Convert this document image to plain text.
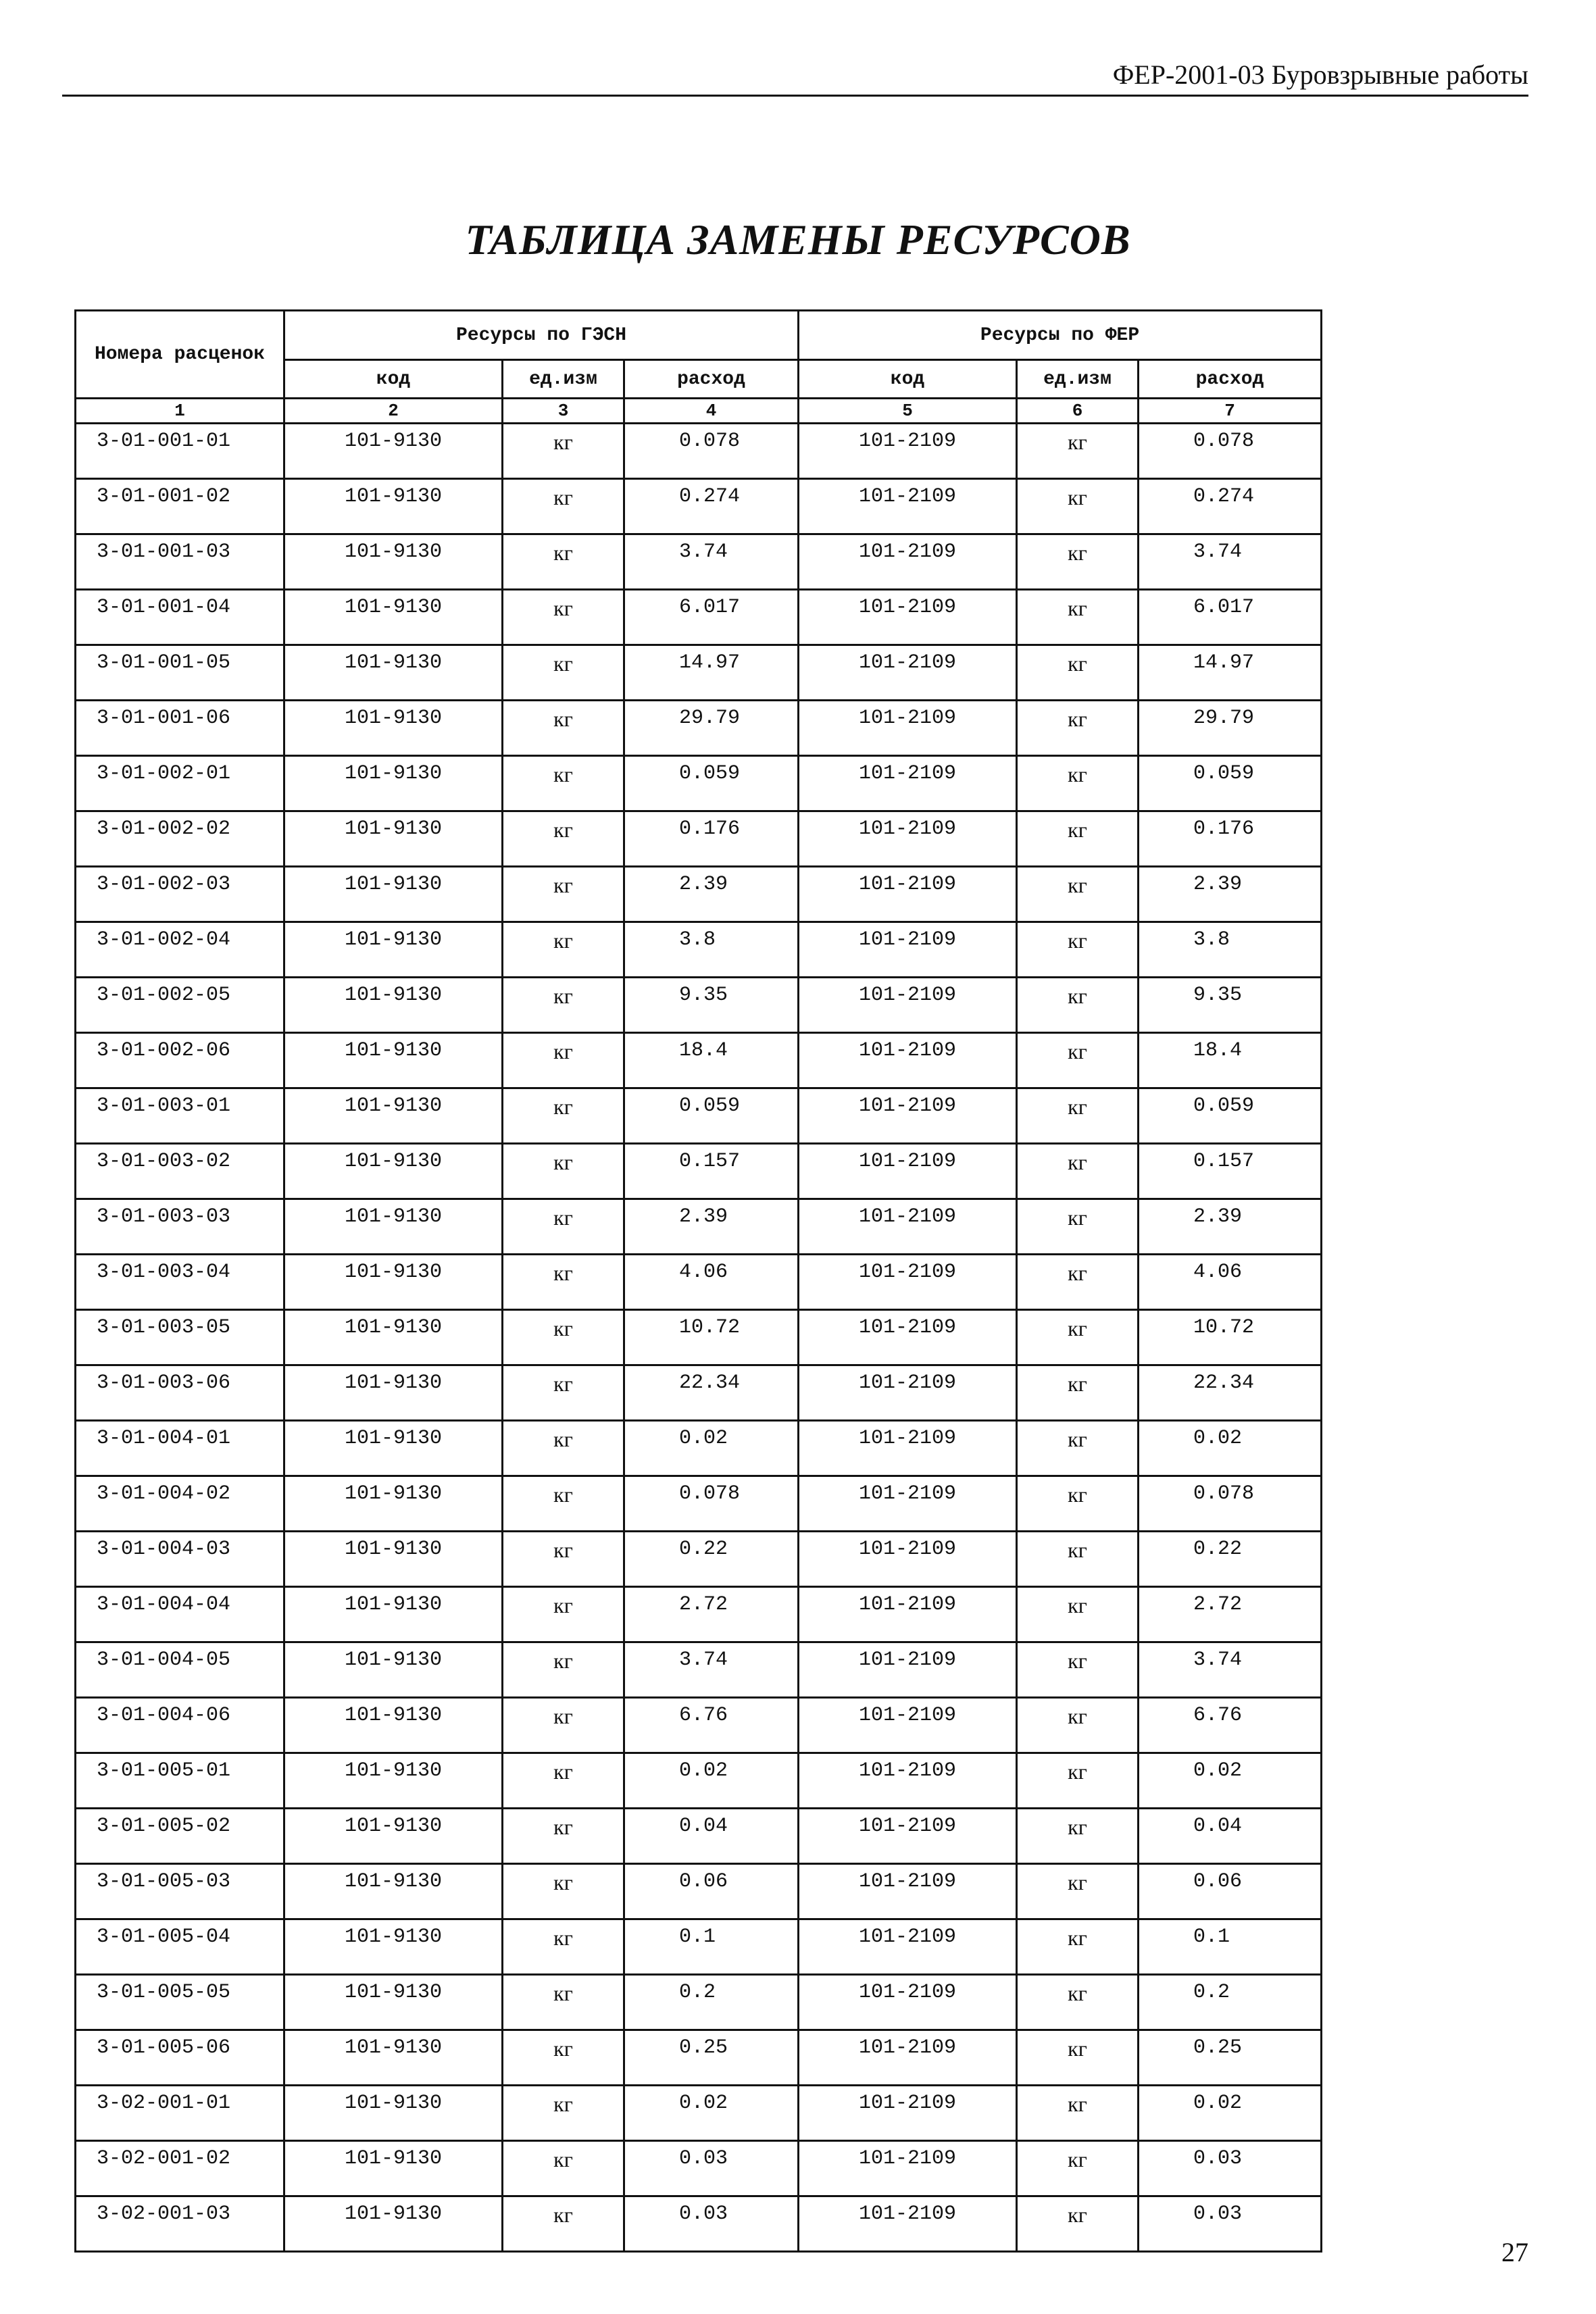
ФЕР-2001-03 Буровзрывные работы
ТАБЛИЦА ЗАМЕНЫ РЕСУРСОВ
Номера расценок	Ресурсы по ГЭСН			Ресурсы по ФЕР		
	код	ед.изм	расход	код	ед.изм	расход
1	2	3	4	5	6	7
3-01-001-01	101-9130	кг	0.078	101-2109	кг	0.078
3-01-001-02	101-9130	кг	0.274	101-2109	кг	0.274
3-01-001-03	101-9130	кг	3.74	101-2109	кг	3.74
3-01-001-04	101-9130	кг	6.017	101-2109	кг	6.017
3-01-001-05	101-9130	кг	14.97	101-2109	кг	14.97
3-01-001-06	101-9130	кг	29.79	101-2109	кг	29.79
3-01-002-01	101-9130	кг	0.059	101-2109	кг	0.059
3-01-002-02	101-9130	кг	0.176	101-2109	кг	0.176
3-01-002-03	101-9130	кг	2.39	101-2109	кг	2.39
3-01-002-04	101-9130	кг	3.8	101-2109	кг	3.8
3-01-002-05	101-9130	кг	9.35	101-2109	кг	9.35
3-01-002-06	101-9130	кг	18.4	101-2109	кг	18.4
3-01-003-01	101-9130	кг	0.059	101-2109	кг	0.059
3-01-003-02	101-9130	кг	0.157	101-2109	кг	0.157
3-01-003-03	101-9130	кг	2.39	101-2109	кг	2.39
3-01-003-04	101-9130	кг	4.06	101-2109	кг	4.06
3-01-003-05	101-9130	кг	10.72	101-2109	кг	10.72
3-01-003-06	101-9130	кг	22.34	101-2109	кг	22.34
3-01-004-01	101-9130	кг	0.02	101-2109	кг	0.02
3-01-004-02	101-9130	кг	0.078	101-2109	кг	0.078
3-01-004-03	101-9130	кг	0.22	101-2109	кг	0.22
3-01-004-04	101-9130	кг	2.72	101-2109	кг	2.72
3-01-004-05	101-9130	кг	3.74	101-2109	кг	3.74
3-01-004-06	101-9130	кг	6.76	101-2109	кг	6.76
3-01-005-01	101-9130	кг	0.02	101-2109	кг	0.02
3-01-005-02	101-9130	кг	0.04	101-2109	кг	0.04
3-01-005-03	101-9130	кг	0.06	101-2109	кг	0.06
3-01-005-04	101-9130	кг	0.1	101-2109	кг	0.1
3-01-005-05	101-9130	кг	0.2	101-2109	кг	0.2
3-01-005-06	101-9130	кг	0.25	101-2109	кг	0.25
3-02-001-01	101-9130	кг	0.02	101-2109	кг	0.02
3-02-001-02	101-9130	кг	0.03	101-2109	кг	0.03
3-02-001-03	101-9130	кг	0.03	101-2109	кг	0.03
27
